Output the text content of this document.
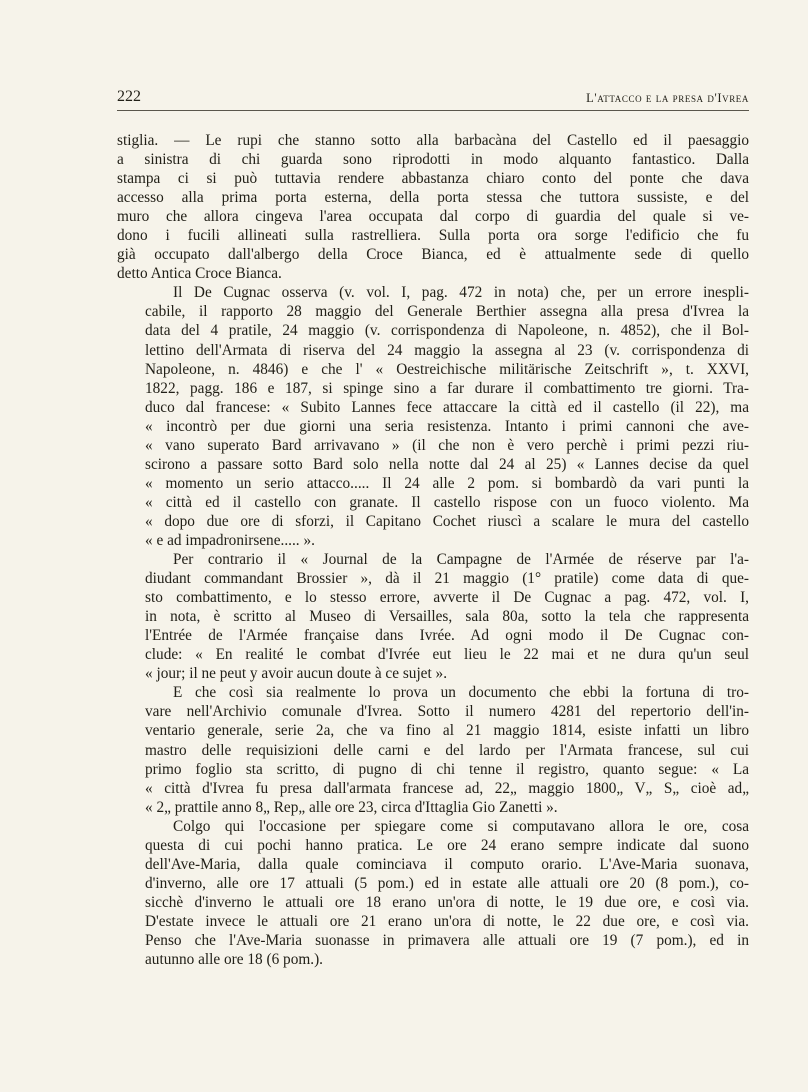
222	L'attacco e la presa d'Ivrea

stiglia. — Le rupi che stanno sotto alla barbacàna del Castello ed il paesaggio
a sinistra di chi guarda sono riprodotti in modo alquanto fantastico. Dalla
stampa ci si può tuttavia rendere abbastanza chiaro conto del ponte che dava
accesso alla prima porta esterna, della porta stessa che tuttora sussiste, e del
muro che allora cingeva l'area occupata dal corpo di guardia del quale si ve-
dono i fucili allineati sulla rastrelliera. Sulla porta ora sorge l'edificio che fu
già occupato dall'albergo della Croce Bianca, ed è attualmente sede di quello
detto Antica Croce Bianca.

Il De Cugnac osserva (v. vol. I, pag. 472 in nota) che, per un errore inespli-
cabile, il rapporto 28 maggio del Generale Berthier assegna alla presa d'Ivrea la
data del 4 pratile, 24 maggio (v. corrispondenza di Napoleone, n. 4852), che il Bol-
lettino dell'Armata di riserva del 24 maggio la assegna al 23 (v. corrispondenza di
Napoleone, n. 4846) e che l' « Oestreichische militärische Zeitschrift », t. XXVI,
1822, pagg. 186 e 187, si spinge sino a far durare il combattimento tre giorni. Tra-
duco dal francese: « Subito Lannes fece attaccare la città ed il castello (il 22), ma
« incontrò per due giorni una seria resistenza. Intanto i primi cannoni che ave-
« vano superato Bard arrivavano » (il che non è vero perchè i primi pezzi riu-
scirono a passare sotto Bard solo nella notte dal 24 al 25) « Lannes decise da quel
« momento un serio attacco..... Il 24 alle 2 pom. si bombardò da vari punti la
« città ed il castello con granate. Il castello rispose con un fuoco violento. Ma
« dopo due ore di sforzi, il Capitano Cochet riuscì a scalare le mura del castello
« e ad impadronirsene..... ».

Per contrario il « Journal de la Campagne de l'Armée de réserve par l'a-
diudant commandant Brossier », dà il 21 maggio (1° pratile) come data di que-
sto combattimento, e lo stesso errore, avverte il De Cugnac a pag. 472, vol. I,
in nota, è scritto al Museo di Versailles, sala 80a, sotto la tela che rappresenta
l'Entrée de l'Armée française dans Ivrée. Ad ogni modo il De Cugnac con-
clude: « En realité le combat d'Ivrée eut lieu le 22 mai et ne dura qu'un seul
« jour; il ne peut y avoir aucun doute à ce sujet ».

E che così sia realmente lo prova un documento che ebbi la fortuna di tro-
vare nell'Archivio comunale d'Ivrea. Sotto il numero 4281 del repertorio dell'in-
ventario generale, serie 2a, che va fino al 21 maggio 1814, esiste infatti un libro
mastro delle requisizioni delle carni e del lardo per l'Armata francese, sul cui
primo foglio sta scritto, di pugno di chi tenne il registro, quanto segue: « La
« città d'Ivrea fu presa dall'armata francese ad, 22„ maggio 1800„ V„ S„ cioè ad„
« 2„ prattile anno 8„ Rep„ alle ore 23, circa d'Ittaglia Gio Zanetti ».

Colgo qui l'occasione per spiegare come si computavano allora le ore, cosa
questa di cui pochi hanno pratica. Le ore 24 erano sempre indicate dal suono
dell'Ave-Maria, dalla quale cominciava il computo orario. L'Ave-Maria suonava,
d'inverno, alle ore 17 attuali (5 pom.) ed in estate alle attuali ore 20 (8 pom.), co-
sicchè d'inverno le attuali ore 18 erano un'ora di notte, le 19 due ore, e così via.
D'estate invece le attuali ore 21 erano un'ora di notte, le 22 due ore, e così via.
Penso che l'Ave-Maria suonasse in primavera alle attuali ore 19 (7 pom.), ed in
autunno alle ore 18 (6 pom.).
